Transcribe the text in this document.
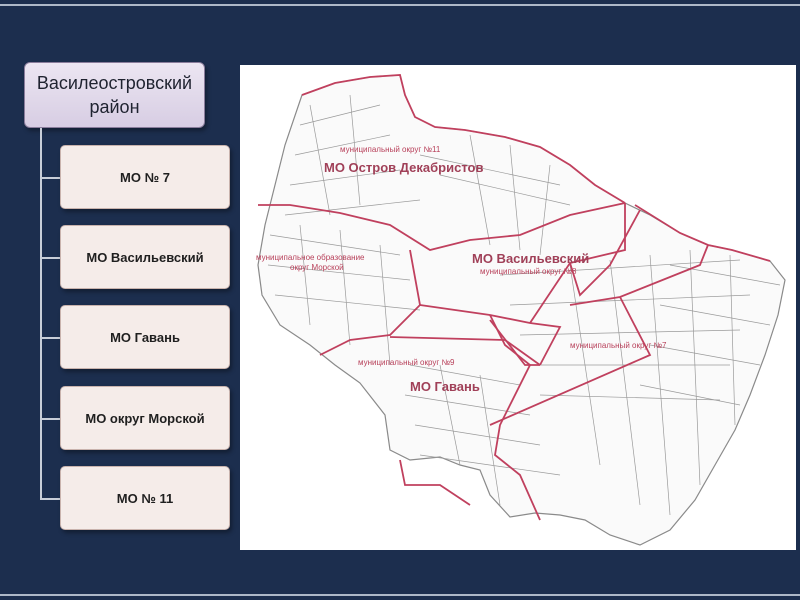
Василеостровский район
МО № 7
МО Васильевский
МО Гавань
МО округ Морской
МО № 11
муниципальный округ №11
МО Остров Декабристов
муниципальное образование
округ Морской
МО Васильевский
муниципальный округ №8
муниципальный округ №7
муниципальный округ №9
МО Гавань
